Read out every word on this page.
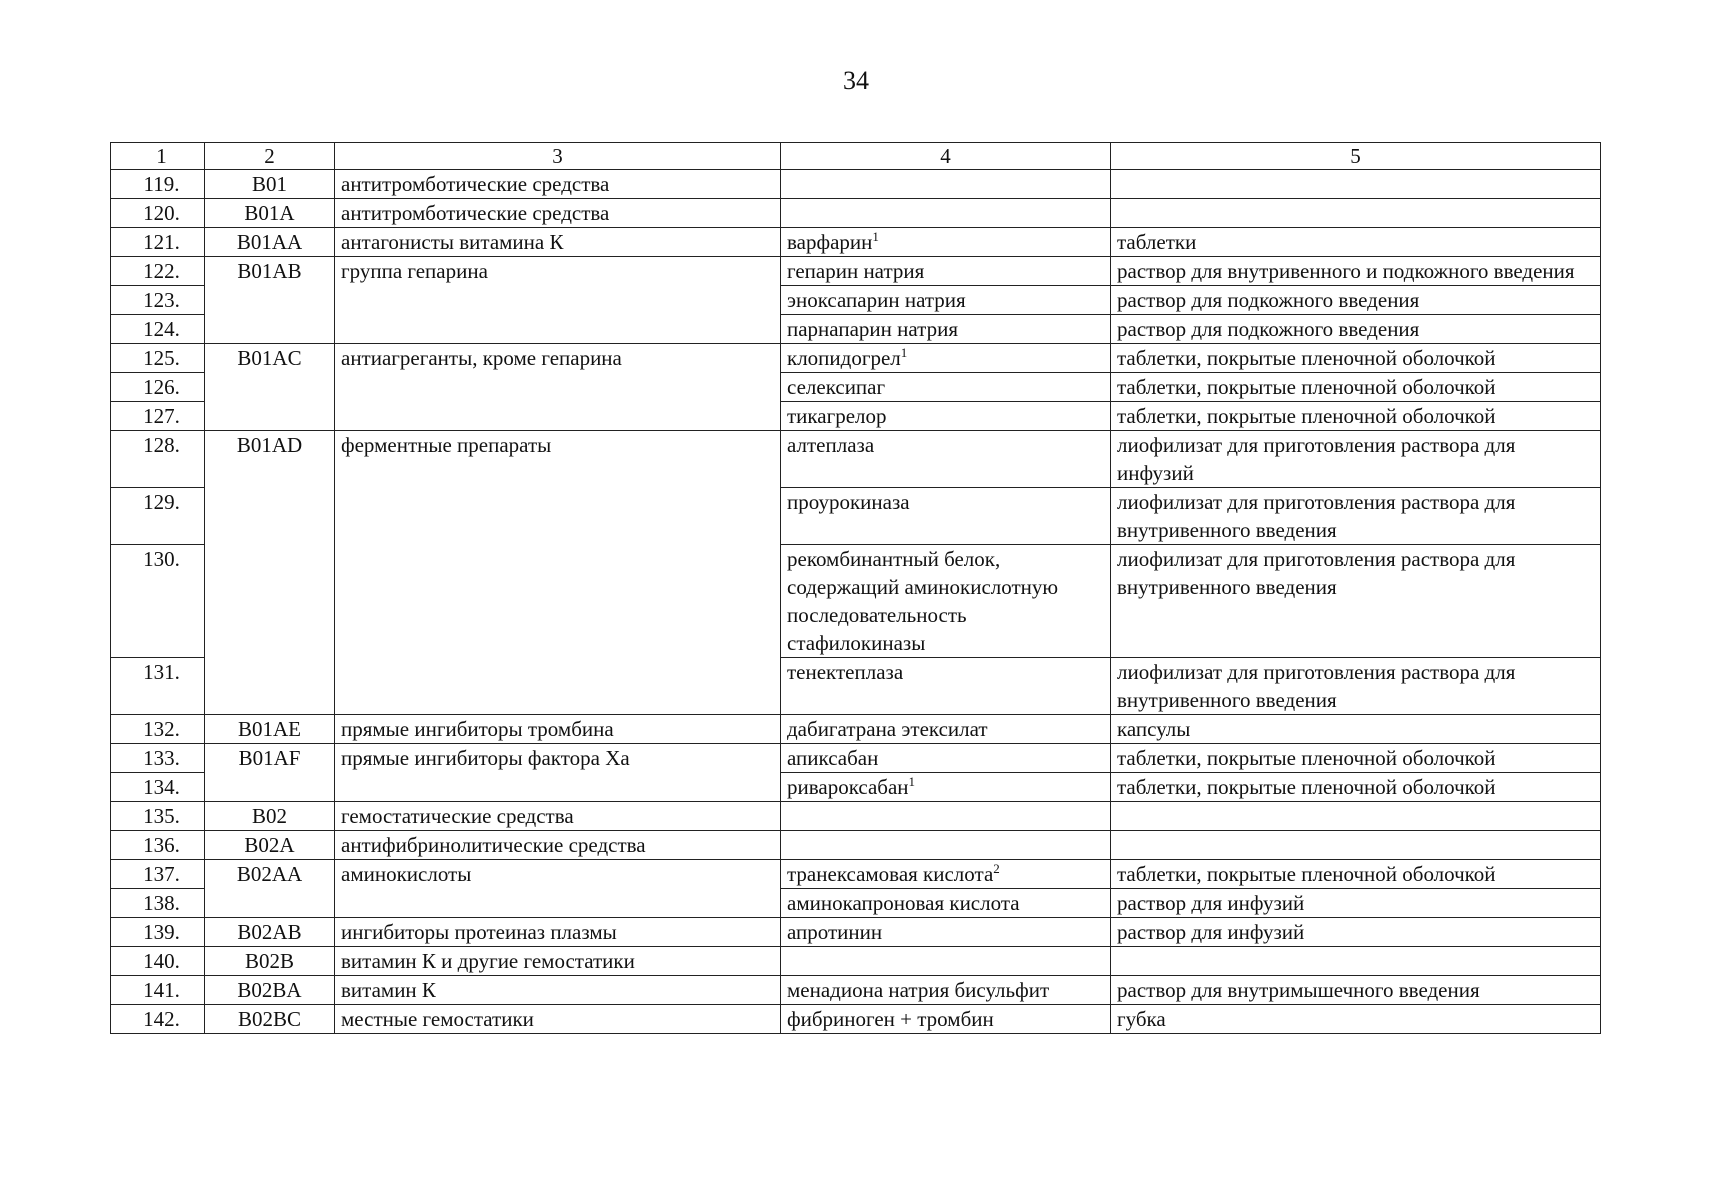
34
1	2	3	4	5
119.	B01	антитромботические средства		
120.	B01A	антитромботические средства		
121.	B01AA	антагонисты витамина К	варфарин$^1$	таблетки
122.	B01AB	группа гепарина	гепарин натрия	раствор для внутривенного и подкожного введения
123.			эноксапарин натрия	раствор для подкожного введения
124.			парнапарин натрия	раствор для подкожного введения
125.	B01AC	антиагреганты, кроме гепарина	клопидогрел$^1$	таблетки, покрытые пленочной оболочкой
126.			селексипаг	таблетки, покрытые пленочной оболочкой
127.			тикагрелор	таблетки, покрытые пленочной оболочкой
128.	B01AD	ферментные препараты	алтеплаза	лиофилизат для приготовления раствора для инфузий
129.			проурокиназа	лиофилизат для приготовления раствора для внутривенного введения
130.			рекомбинантный белок, содержащий аминокислотную последовательность стафилокиназы	лиофилизат для приготовления раствора для внутривенного введения
131.			тенектеплаза	лиофилизат для приготовления раствора для внутривенного введения
132.	B01AE	прямые ингибиторы тромбина	дабигатрана этексилат	капсулы
133.	B01AF	прямые ингибиторы фактора Xa	апиксабан	таблетки, покрытые пленочной оболочкой
134.			ривароксабан$^1$	таблетки, покрытые пленочной оболочкой
135.	B02	гемостатические средства		
136.	B02A	антифибринолитические средства		
137.	B02AA	аминокислоты	транексамовая кислота$^2$	таблетки, покрытые пленочной оболочкой
138.			аминокапроновая кислота	раствор для инфузий
139.	B02AB	ингибиторы протеиназ плазмы	апротинин	раствор для инфузий
140.	B02B	витамин К и другие гемостатики		
141.	B02BA	витамин К	менадиона натрия бисульфит	раствор для внутримышечного введения
142.	B02BC	местные гемостатики	фибриноген + тромбин	губка
